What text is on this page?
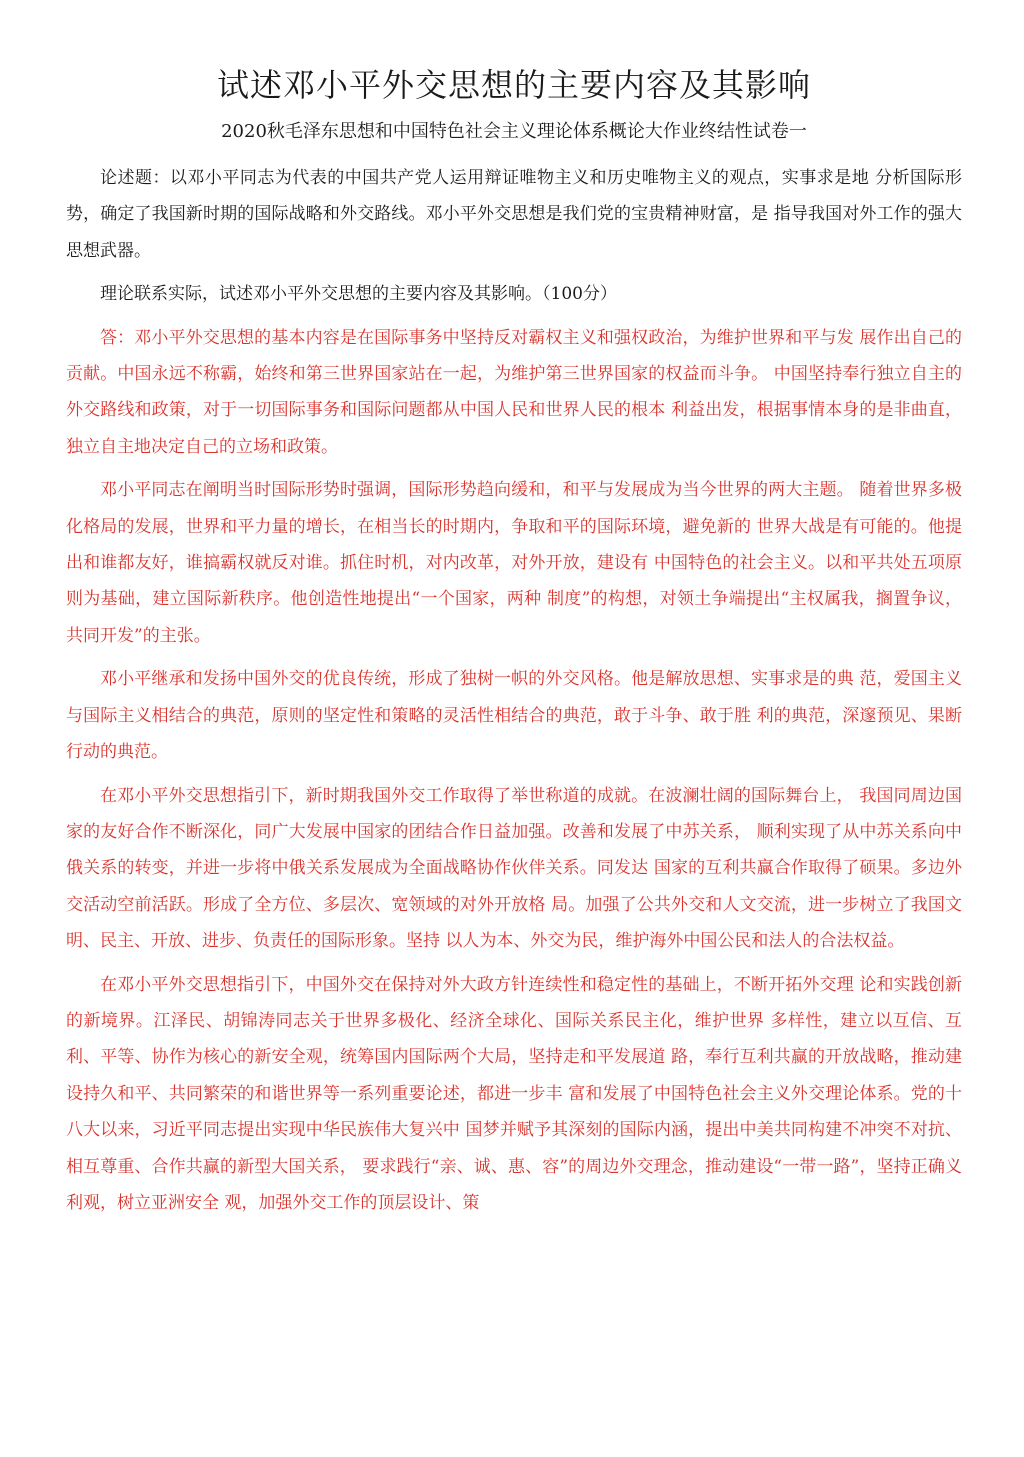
试述邓小平外交思想的主要内容及其影响
2020秋毛泽东思想和中国特色社会主义理论体系概论大作业终结性试卷一

论述题：以邓小平同志为代表的中国共产党人运用辩证唯物主义和历史唯物主义的观点，实事求是地 分析国际形势，确定了我国新时期的国际战略和外交路线。邓小平外交思想是我们党的宝贵精神财富，是 指导我国对外工作的强大思想武器。

理论联系实际，试述邓小平外交思想的主要内容及其影响。（100分）

答：邓小平外交思想的基本内容是在国际事务中坚持反对霸权主义和强权政治，为维护世界和平与发 展作出自己的贡献。中国永远不称霸，始终和第三世界国家站在一起，为维护第三世界国家的权益而斗争。 中国坚持奉行独立自主的外交路线和政策，对于一切国际事务和国际问题都从中国人民和世界人民的根本 利益出发，根据事情本身的是非曲直，独立自主地决定自己的立场和政策。

邓小平同志在阐明当时国际形势时强调，国际形势趋向缓和，和平与发展成为当今世界的两大主题。 随着世界多极化格局的发展，世界和平力量的增长，在相当长的时期内，争取和平的国际环境，避免新的 世界大战是有可能的。他提出和谁都友好，谁搞霸权就反对谁。抓住时机，对内改革，对外开放，建设有 中国特色的社会主义。以和平共处五项原则为基础，建立国际新秩序。他创造性地提出“一个国家，两种 制度”的构想，对领土争端提出“主权属我，搁置争议，共同开发”的主张。

邓小平继承和发扬中国外交的优良传统，形成了独树一帜的外交风格。他是解放思想、实事求是的典 范，爱国主义与国际主义相结合的典范，原则的坚定性和策略的灵活性相结合的典范，敢于斗争、敢于胜 利的典范，深邃预见、果断行动的典范。

在邓小平外交思想指引下，新时期我国外交工作取得了举世称道的成就。在波澜壮阔的国际舞台上， 我国同周边国家的友好合作不断深化，同广大发展中国家的团结合作日益加强。改善和发展了中苏关系， 顺利实现了从中苏关系向中俄关系的转变，并进一步将中俄关系发展成为全面战略协作伙伴关系。同发达 国家的互利共赢合作取得了硕果。多边外交活动空前活跃。形成了全方位、多层次、宽领域的对外开放格 局。加强了公共外交和人文交流，进一步树立了我国文明、民主、开放、进步、负责任的国际形象。坚持 以人为本、外交为民，维护海外中国公民和法人的合法权益。

在邓小平外交思想指引下，中国外交在保持对外大政方针连续性和稳定性的基础上，不断开拓外交理 论和实践创新的新境界。江泽民、胡锦涛同志关于世界多极化、经济全球化、国际关系民主化，维护世界 多样性，建立以互信、互利、平等、协作为核心的新安全观，统筹国内国际两个大局，坚持走和平发展道 路，奉行互利共赢的开放战略，推动建设持久和平、共同繁荣的和谐世界等一系列重要论述，都进一步丰 富和发展了中国特色社会主义外交理论体系。党的十八大以来，习近平同志提出实现中华民族伟大复兴中 国梦并赋予其深刻的国际内涵，提出中美共同构建不冲突不对抗、相互尊重、合作共赢的新型大国关系， 要求践行“亲、诚、惠、容”的周边外交理念，推动建设“一带一路”，坚持正确义利观，树立亚洲安全 观，加强外交工作的顶层设计、策
